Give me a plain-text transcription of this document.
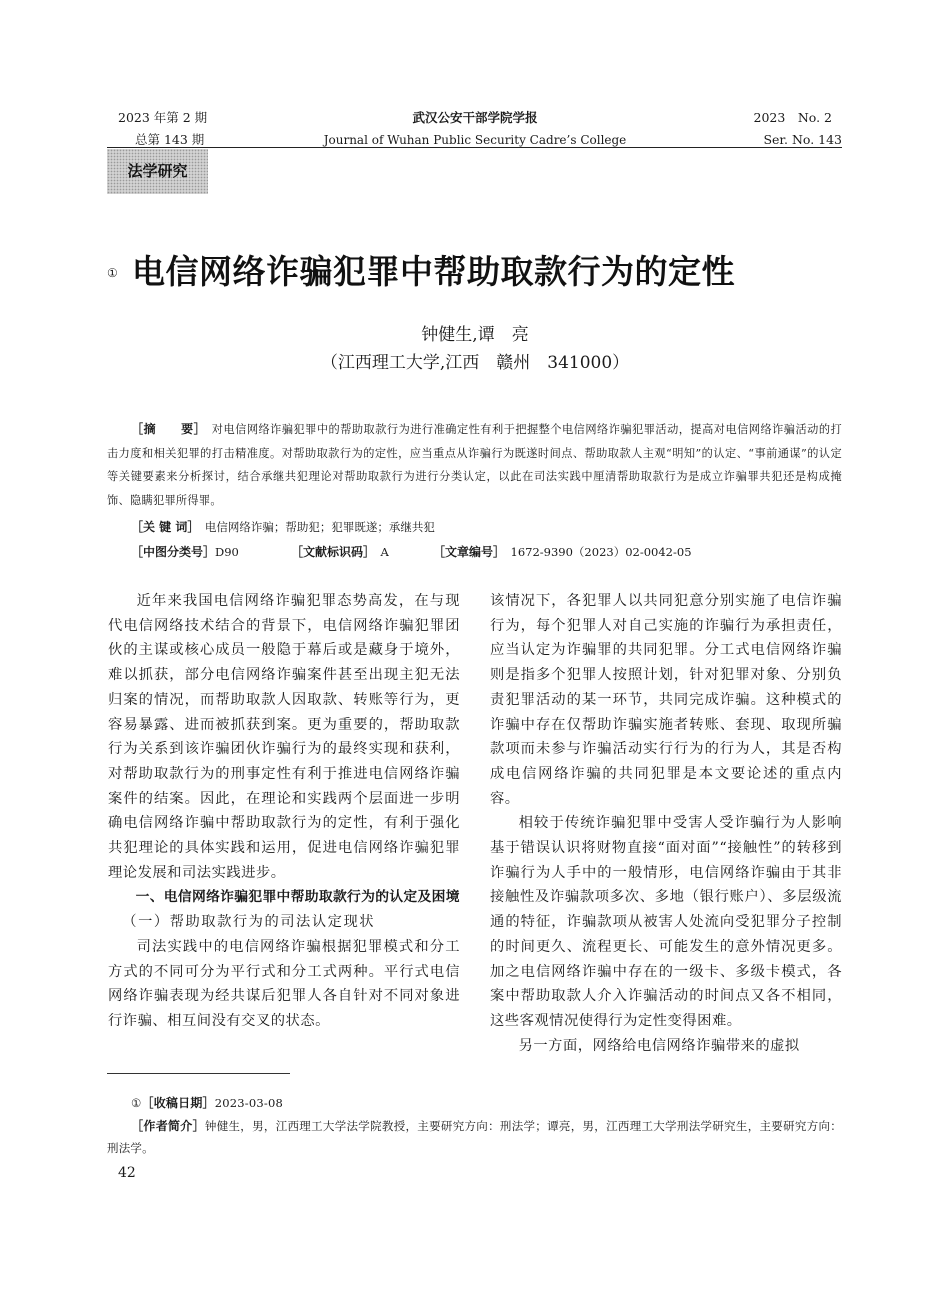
2023 年第 2 期
总第 143 期
武汉公安干部学院学报
Journal of Wuhan Public Security Cadre’s College
2023　No. 2
Ser. No. 143
法学研究
① 电信网络诈骗犯罪中帮助取款行为的定性
钟健生,谭　亮
（江西理工大学,江西　赣州　341000）
［摘　　要］　 对电信网络诈骗犯罪中的帮助取款行为进行准确定性有利于把握整个电信网络诈骗犯罪活动，提高对电信网络诈骗活动的打击力度和相关犯罪的打击精准度。对帮助取款行为的定性，应当重点从诈骗行为既遂时间点、帮助取款人主观“明知”的认定、“事前通谋”的认定等关键要素来分析探讨，结合承继共犯理论对帮助取款行为进行分类认定，以此在司法实践中厘清帮助取款行为是成立诈骗罪共犯还是构成掩饰、隐瞒犯罪所得罪。
［关 键 词］　 电信网络诈骗；帮助犯；犯罪既遂；承继共犯
［中图分类号］D90	［文献标识码］　 A	［文章编号］　 1672-9390（2023）02-0042-05

近年来我国电信网络诈骗犯罪态势高发，在与现代电信网络技术结合的背景下，电信网络诈骗犯罪团伙的主谋或核心成员一般隐于幕后或是藏身于境外，难以抓获，部分电信网络诈骗案件甚至出现主犯无法归案的情况，而帮助取款人因取款、转账等行为，更容易暴露、进而被抓获到案。更为重要的，帮助取款行为关系到该诈骗团伙诈骗行为的最终实现和获利，对帮助取款行为的刑事定性有利于推进电信网络诈骗案件的结案。因此，在理论和实践两个层面进一步明确电信网络诈骗中帮助取款行为的定性，有利于强化共犯理论的具体实践和运用，促进电信网络诈骗犯罪理论发展和司法实践进步。

一、电信网络诈骗犯罪中帮助取款行为的认定及困境

（一）帮助取款行为的司法认定现状

司法实践中的电信网络诈骗根据犯罪模式和分工方式的不同可分为平行式和分工式两种。平行式电信网络诈骗表现为经共谋后犯罪人各自针对不同对象进行诈骗、相互间没有交叉的状态。

该情况下，各犯罪人以共同犯意分别实施了电信诈骗行为，每个犯罪人对自己实施的诈骗行为承担责任，应当认定为诈骗罪的共同犯罪。分工式电信网络诈骗则是指多个犯罪人按照计划，针对犯罪对象、分别负责犯罪活动的某一环节，共同完成诈骗。这种模式的诈骗中存在仅帮助诈骗实施者转账、套现、取现所骗款项而未参与诈骗活动实行行为的行为人，其是否构成电信网络诈骗的共同犯罪是本文要论述的重点内容。

相较于传统诈骗犯罪中受害人受诈骗行为人影响基于错误认识将财物直接“面对面”“接触性”的转移到诈骗行为人手中的一般情形，电信网络诈骗由于其非接触性及诈骗款项多次、多地（银行账户）、多层级流通的特征，诈骗款项从被害人处流向受犯罪分子控制的时间更久、流程更长、可能发生的意外情况更多。加之电信网络诈骗中存在的一级卡、多级卡模式，各案中帮助取款人介入诈骗活动的时间点又各不相同，这些客观情况使得行为定性变得困难。

另一方面，网络给电信网络诈骗带来的虚拟

①［收稿日期］2023-03-08
［作者简介］钟健生，男，江西理工大学法学院教授，主要研究方向：刑法学；谭亮，男，江西理工大学刑法学研究生，主要研究方向：刑法学。
42
